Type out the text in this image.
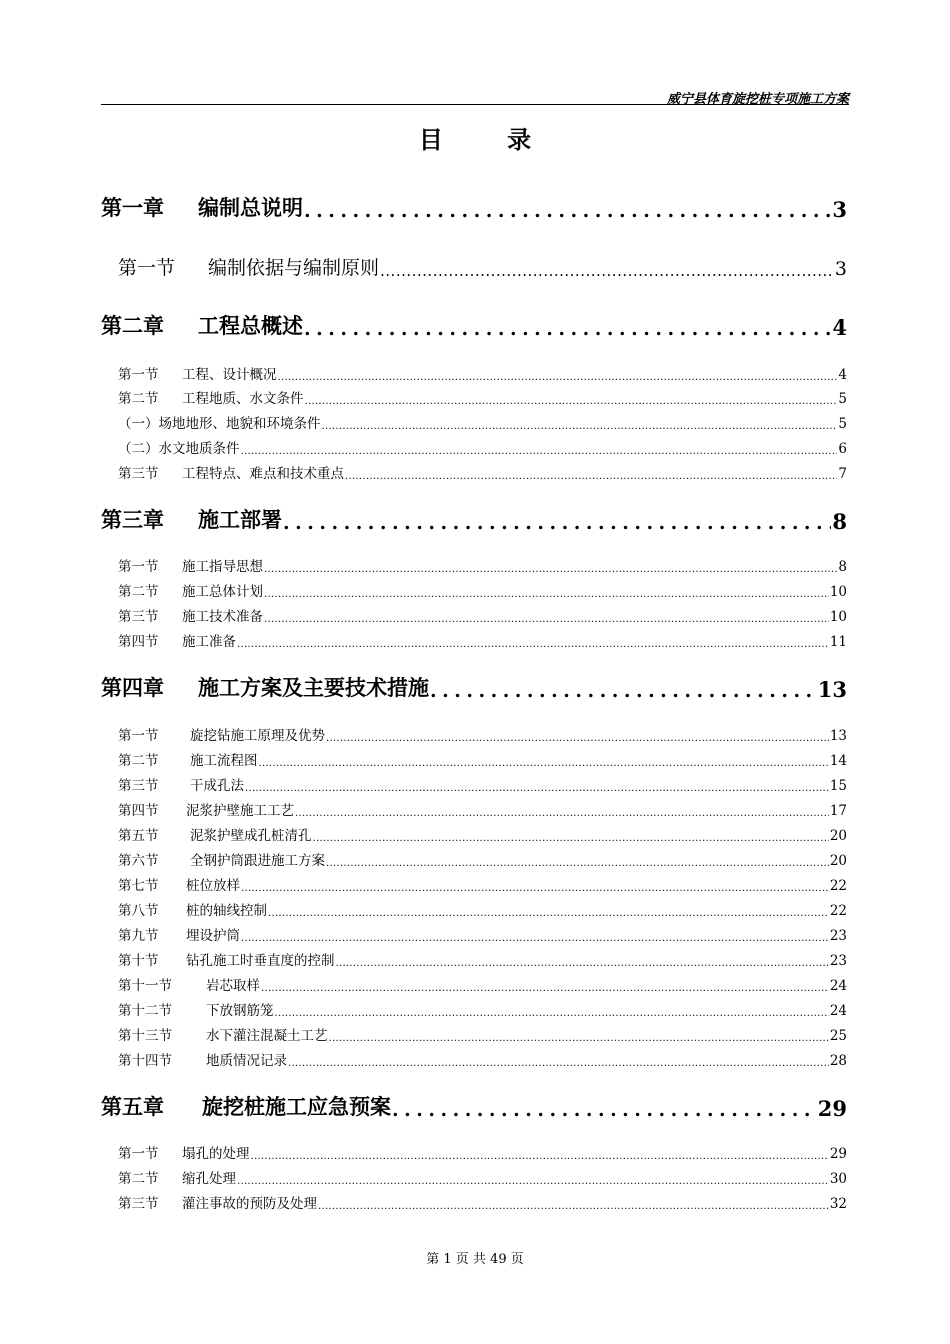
威宁县体育旋挖桩专项施工方案
目 录
第一章 编制总说明 .....	3
第一节 编制依据与编制原则 .....	3
第二章 工程总概述 .....	4
第一节 工程、设计概况 .....	4
第二节 工程地质、水文条件 .....	5
（一）场地地形、地貌和环境条件 .....	5
（二）水文地质条件 .....	6
第三节 工程特点、难点和技术重点 .....	7
第三章 施工部署 .....	8
第一节 施工指导思想 .....	8
第二节 施工总体计划 .....	10
第三节 施工技术准备 .....	10
第四节 施工准备 .....	11
第四章 施工方案及主要技术措施 .....	13
第一节 旋挖钻施工原理及优势 .....	13
第二节 施工流程图 .....	14
第三节 干成孔法 .....	15
第四节 泥浆护壁施工工艺 .....	17
第五节 泥浆护壁成孔桩清孔 .....	20
第六节 全钢护筒跟进施工方案 .....	20
第七节 桩位放样 .....	22
第八节 桩的轴线控制 .....	22
第九节 埋设护筒 .....	23
第十节 钻孔施工时垂直度的控制 .....	23
第十一节	岩芯取样 .....	24
第十二节	下放钢筋笼 .....	24
第十三节	水下灌注混凝土工艺 .....	25
第十四节	地质情况记录 .....	28
第五章 旋挖桩施工应急预案 .....	29
第一节 塌孔的处理 .....	29
第二节 缩孔处理 .....	30
第三节 灌注事故的预防及处理 .....	32
第 1 页 共 49 页
